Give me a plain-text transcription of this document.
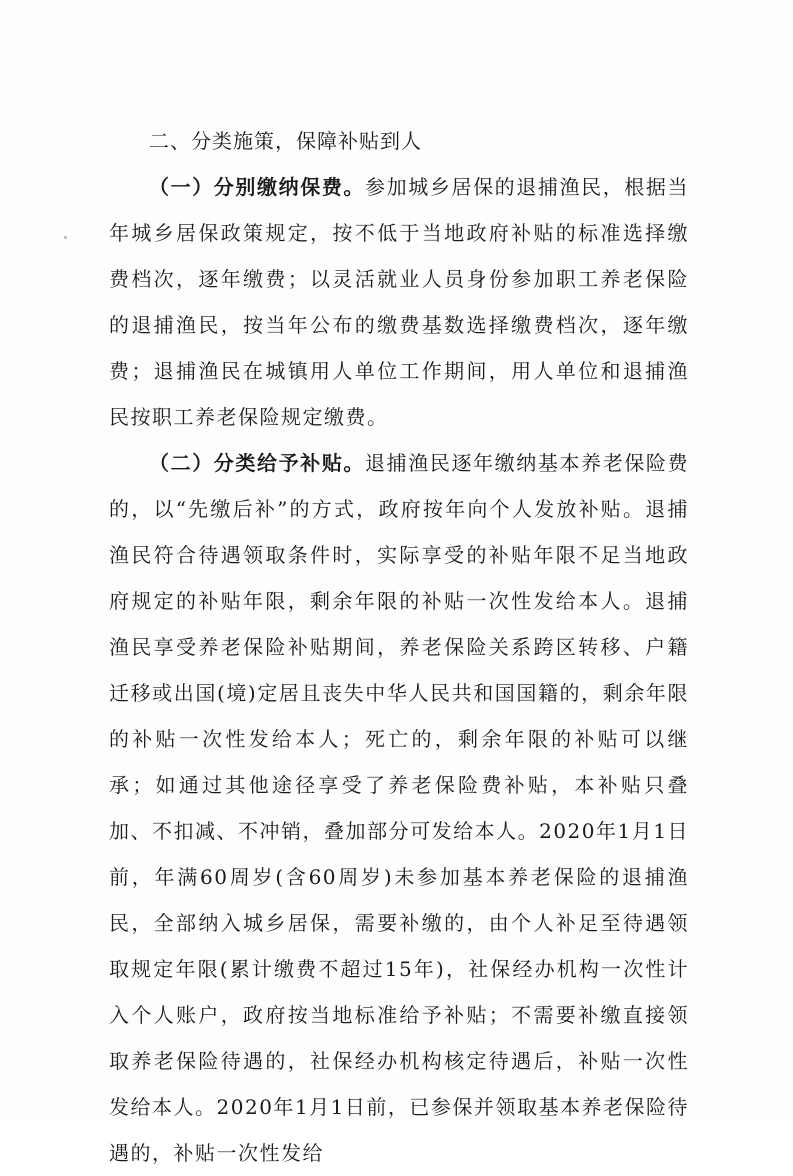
二、分类施策，保障补贴到人

（一）分别缴纳保费。参加城乡居保的退捕渔民，根据当年城乡居保政策规定，按不低于当地政府补贴的标准选择缴费档次，逐年缴费；以灵活就业人员身份参加职工养老保险的退捕渔民，按当年公布的缴费基数选择缴费档次，逐年缴费；退捕渔民在城镇用人单位工作期间，用人单位和退捕渔民按职工养老保险规定缴费。

（二）分类给予补贴。退捕渔民逐年缴纳基本养老保险费的，以“先缴后补”的方式，政府按年向个人发放补贴。退捕渔民符合待遇领取条件时，实际享受的补贴年限不足当地政府规定的补贴年限，剩余年限的补贴一次性发给本人。退捕渔民享受养老保险补贴期间，养老保险关系跨区转移、户籍迁移或出国(境)定居且丧失中华人民共和国国籍的，剩余年限的补贴一次性发给本人；死亡的，剩余年限的补贴可以继承；如通过其他途径享受了养老保险费补贴，本补贴只叠加、不扣减、不冲销，叠加部分可发给本人。2020年1月1日前，年满60周岁(含60周岁)未参加基本养老保险的退捕渔民，全部纳入城乡居保，需要补缴的，由个人补足至待遇领取规定年限(累计缴费不超过15年)，社保经办机构一次性计入个人账户，政府按当地标准给予补贴；不需要补缴直接领取养老保险待遇的，社保经办机构核定待遇后，补贴一次性发给本人。2020年1月1日前，已参保并领取基本养老保险待遇的，补贴一次性发给
